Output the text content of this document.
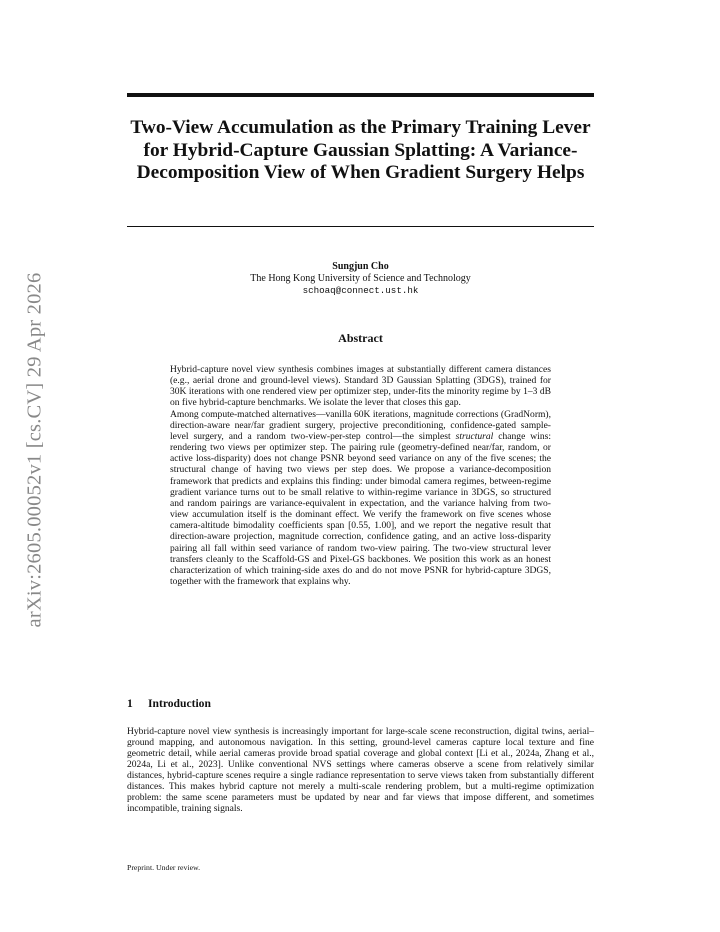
Two-View Accumulation as the Primary Training Lever for Hybrid-Capture Gaussian Splatting: A Variance-Decomposition View of When Gradient Surgery Helps
Sungjun Cho
The Hong Kong University of Science and Technology
schoaq@connect.ust.hk
arXiv:2605.00052v1 [cs.CV] 29 Apr 2026	Abstract

Hybrid-capture novel view synthesis combines images at substantially different camera distances (e.g., aerial drone and ground-level views). Standard 3D Gaussian Splatting (3DGS), trained for 30K iterations with one rendered view per optimizer step, under-fits the minority regime by 1–3 dB on five hybrid-capture benchmarks. We isolate the lever that closes this gap.

Among compute-matched alternatives—vanilla 60K iterations, magnitude corrections (GradNorm), direction-aware near/far gradient surgery, projective preconditioning, confidence-gated sample-level surgery, and a random two-view-per-step control—the simplest structural change wins: rendering two views per optimizer step. The pairing rule (geometry-defined near/far, random, or active loss-disparity) does not change PSNR beyond seed variance on any of the five scenes; the structural change of having two views per step does. We propose a variance-decomposition framework that predicts and explains this finding: under bimodal camera regimes, between-regime gradient variance turns out to be small relative to within-regime variance in 3DGS, so structured and random pairings are variance-equivalent in expectation, and the variance halving from two-view accumulation itself is the dominant effect. We verify the framework on five scenes whose camera-altitude bimodality coefficients span [0.55, 1.00], and we report the negative result that direction-aware projection, magnitude correction, confidence gating, and an active loss-disparity pairing all fall within seed variance of random two-view pairing. The two-view structural lever transfers cleanly to the Scaffold-GS and Pixel-GS backbones. We position this work as an honest characterization of which training-side axes do and do not move PSNR for hybrid-capture 3DGS, together with the framework that explains why.

1 Introduction

Hybrid-capture novel view synthesis is increasingly important for large-scale scene reconstruction, digital twins, aerial–ground mapping, and autonomous navigation. In this setting, ground-level cameras capture local texture and fine geometric detail, while aerial cameras provide broad spatial coverage and global context [Li et al., 2024a, Zhang et al., 2024a, Li et al., 2023]. Unlike conventional NVS settings where cameras observe a scene from relatively similar distances, hybrid-capture scenes require a single radiance representation to serve views taken from substantially different distances. This makes hybrid capture not merely a multi-scale rendering problem, but a multi-regime optimization problem: the same scene parameters must be updated by near and far views that impose different, and sometimes incompatible, training signals.

Preprint. Under review.
